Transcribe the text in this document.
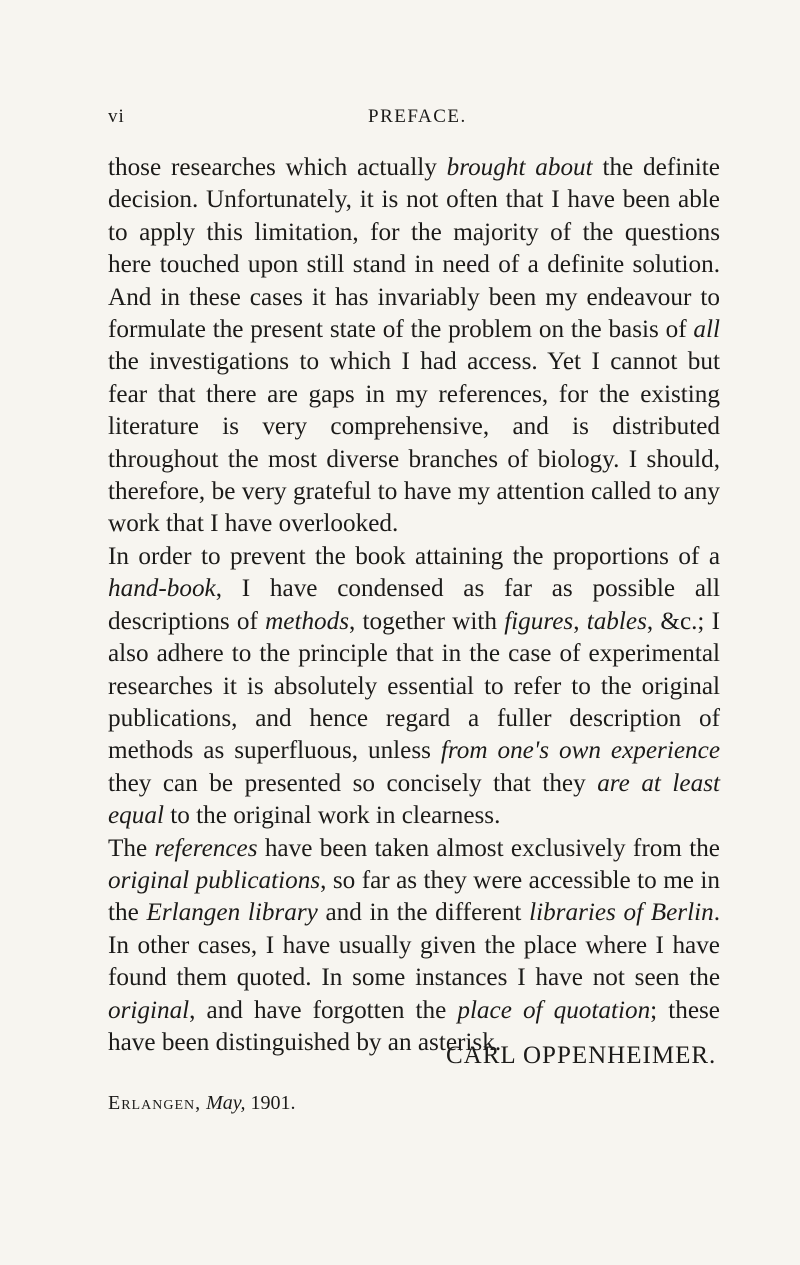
vi	PREFACE.

those researches which actually brought about the definite decision. Unfortunately, it is not often that I have been able to apply this limitation, for the majority of the questions here touched upon still stand in need of a definite solution. And in these cases it has invariably been my endeavour to formulate the present state of the problem on the basis of all the investigations to which I had access. Yet I cannot but fear that there are gaps in my references, for the existing literature is very comprehensive, and is distributed throughout the most diverse branches of biology. I should, therefore, be very grateful to have my attention called to any work that I have overlooked.

In order to prevent the book attaining the proportions of a hand-book, I have condensed as far as possible all descriptions of methods, together with figures, tables, &c.; I also adhere to the principle that in the case of experimental researches it is absolutely essential to refer to the original publications, and hence regard a fuller description of methods as superfluous, unless from one's own experience they can be presented so concisely that they are at least equal to the original work in clearness.

The references have been taken almost exclusively from the original publications, so far as they were accessible to me in the Erlangen library and in the different libraries of Berlin. In other cases, I have usually given the place where I have found them quoted. In some instances I have not seen the original, and have forgotten the place of quotation; these have been distinguished by an asterisk.

CARL OPPENHEIMER.
Erlangen, May, 1901.
